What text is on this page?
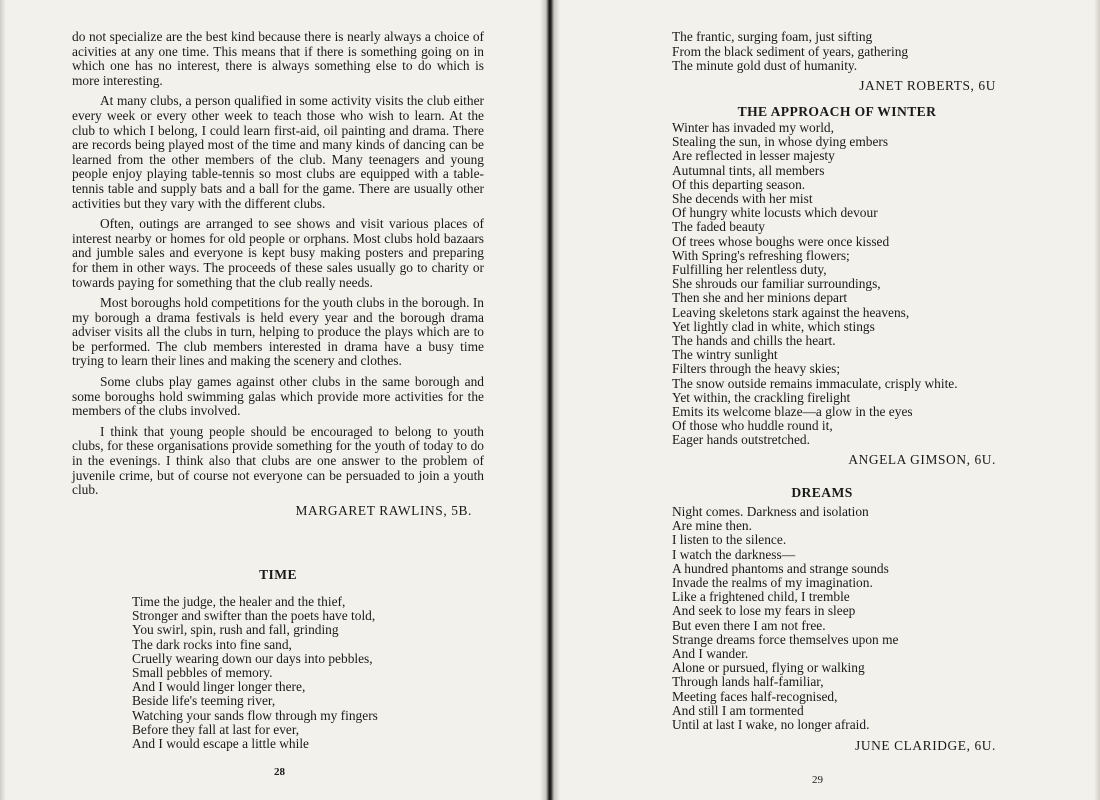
do not specialize are the best kind because there is nearly always a choice of acivities at any one time. This means that if there is something going on in which one has no interest, there is always something else to do which is more interesting.

At many clubs, a person qualified in some activity visits the club either every week or every other week to teach those who wish to learn. At the club to which I belong, I could learn first-aid, oil painting and drama. There are records being played most of the time and many kinds of dancing can be learned from the other members of the club. Many teenagers and young people enjoy playing table-tennis so most clubs are equipped with a table-tennis table and supply bats and a ball for the game. There are usually other activities but they vary with the different clubs.

Often, outings are arranged to see shows and visit various places of interest nearby or homes for old people or orphans. Most clubs hold bazaars and jumble sales and everyone is kept busy making posters and preparing for them in other ways. The proceeds of these sales usually go to charity or towards paying for something that the club really needs.

Most boroughs hold competitions for the youth clubs in the borough. In my borough a drama festivals is held every year and the borough drama adviser visits all the clubs in turn, helping to produce the plays which are to be performed. The club members interested in drama have a busy time trying to learn their lines and making the scenery and clothes.

Some clubs play games against other clubs in the same borough and some boroughs hold swimming galas which provide more activities for the members of the clubs involved.

I think that young people should be encouraged to belong to youth clubs, for these organisations provide something for the youth of today to do in the evenings. I think also that clubs are one answer to the problem of juvenile crime, but of course not everyone can be persuaded to join a youth club.

MARGARET RAWLINS, 5B.
TIME
Time the judge, the healer and the thief,
Stronger and swifter than the poets have told,
You swirl, spin, rush and fall, grinding
The dark rocks into fine sand,
Cruelly wearing down our days into pebbles,
Small pebbles of memory.
And I would linger longer there,
Beside life's teeming river,
Watching your sands flow through my fingers
Before they fall at last for ever,
And I would escape a little while
28
The frantic, surging foam, just sifting
From the black sediment of years, gathering
The minute gold dust of humanity.
JANET ROBERTS, 6U
THE APPROACH OF WINTER
Winter has invaded my world,
Stealing the sun, in whose dying embers
Are reflected in lesser majesty
Autumnal tints, all members
Of this departing season.
She decends with her mist
Of hungry white locusts which devour
The faded beauty
Of trees whose boughs were once kissed
With Spring's refreshing flowers;
Fulfilling her relentless duty,
She shrouds our familiar surroundings,
Then she and her minions depart
Leaving skeletons stark against the heavens,
Yet lightly clad in white, which stings
The hands and chills the heart.
The wintry sunlight
Filters through the heavy skies;
The snow outside remains immaculate, crisply white.
Yet within, the crackling firelight
Emits its welcome blaze—a glow in the eyes
Of those who huddle round it,
Eager hands outstretched.
ANGELA GIMSON, 6U.
DREAMS
Night comes. Darkness and isolation
Are mine then.
I listen to the silence.
I watch the darkness—
A hundred phantoms and strange sounds
Invade the realms of my imagination.
Like a frightened child, I tremble
And seek to lose my fears in sleep
But even there I am not free.
Strange dreams force themselves upon me
And I wander.
Alone or pursued, flying or walking
Through lands half-familiar,
Meeting faces half-recognised,
And still I am tormented
Until at last I wake, no longer afraid.
JUNE CLARIDGE, 6U.
29
